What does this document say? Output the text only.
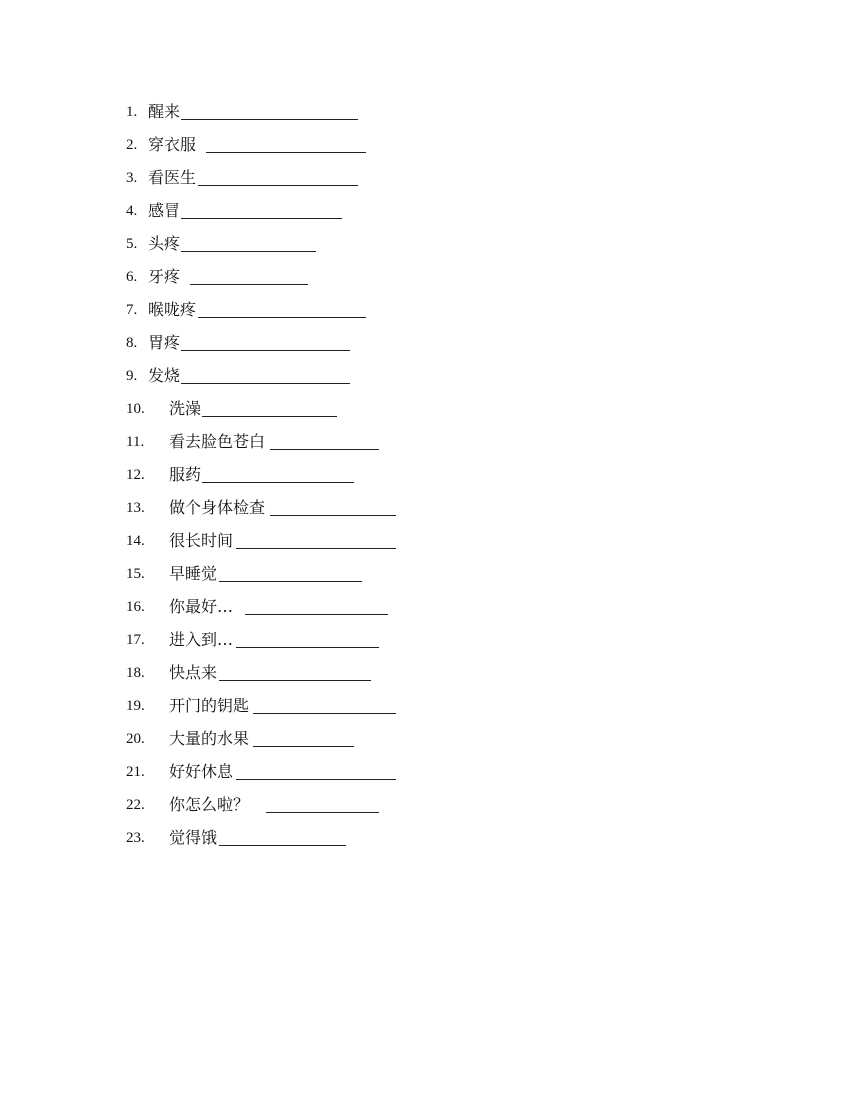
1. 醒来
2. 穿衣服
3. 看医生
4. 感冒
5. 头疼
6. 牙疼
7. 喉咙疼
8. 胃疼
9. 发烧
10. 洗澡
11. 看去脸色苍白
12. 服药
13. 做个身体检查
14. 很长时间
15. 早睡觉
16. 你最好…
17. 进入到…
18. 快点来
19. 开门的钥匙
20. 大量的水果
21. 好好休息
22. 你怎么啦？
23. 觉得饿
